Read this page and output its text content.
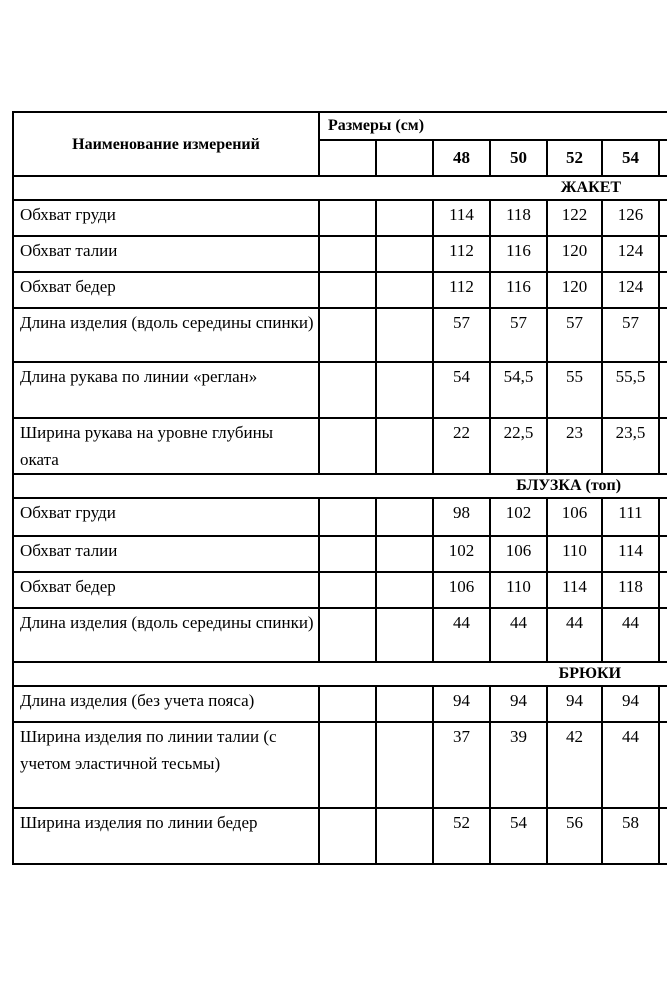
Наименование измерений	Размеры (см)						
			48	50	52	54	
ЖАКЕТ							
Обхват груди			114	118	122	126	
Обхват талии			112	116	120	124	
Обхват бедер			112	116	120	124	
Длина изделия (вдоль середины спинки)			57	57	57	57	
Длина рукава по линии «реглан»			54	54,5	55	55,5	
Ширина рукава на уровне глубины оката			22	22,5	23	23,5	
БЛУЗКА (топ)							
Обхват груди			98	102	106	111	
Обхват талии			102	106	110	114	
Обхват бедер			106	110	114	118	
Длина изделия (вдоль середины спинки)			44	44	44	44	
БРЮКИ							
Длина изделия (без учета пояса)			94	94	94	94	
Ширина изделия по линии талии (с учетом эластичной тесьмы)			37	39	42	44	
Ширина изделия по линии бедер			52	54	56	58	
